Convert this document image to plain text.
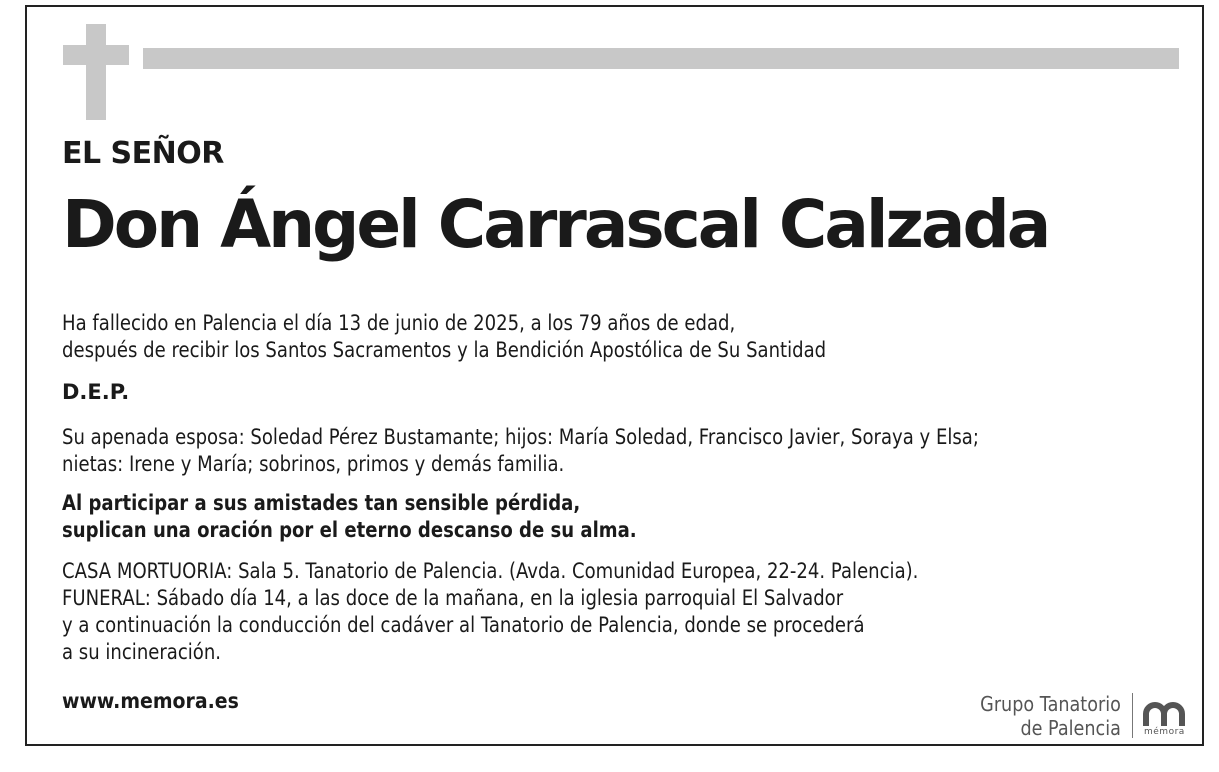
EL SEÑOR
Don Ángel Carrascal Calzada
Ha fallecido en Palencia el día 13 de junio de 2025, a los 79 años de edad,
después de recibir los Santos Sacramentos y la Bendición Apostólica de Su Santidad
D.E.P.
Su apenada esposa: Soledad Pérez Bustamante; hijos: María Soledad, Francisco Javier, Soraya y Elsa;
nietas: Irene y María; sobrinos, primos y demás familia.
Al participar a sus amistades tan sensible pérdida,
suplican una oración por el eterno descanso de su alma.
CASA MORTUORIA: Sala 5. Tanatorio de Palencia. (Avda. Comunidad Europea, 22-24. Palencia).
FUNERAL: Sábado día 14, a las doce de la mañana, en la iglesia parroquial El Salvador
y a continuación la conducción del cadáver al Tanatorio de Palencia, donde se procederá
a su incineración.
www.memora.es	Grupo Tanatorio
de Palencia	mémora
